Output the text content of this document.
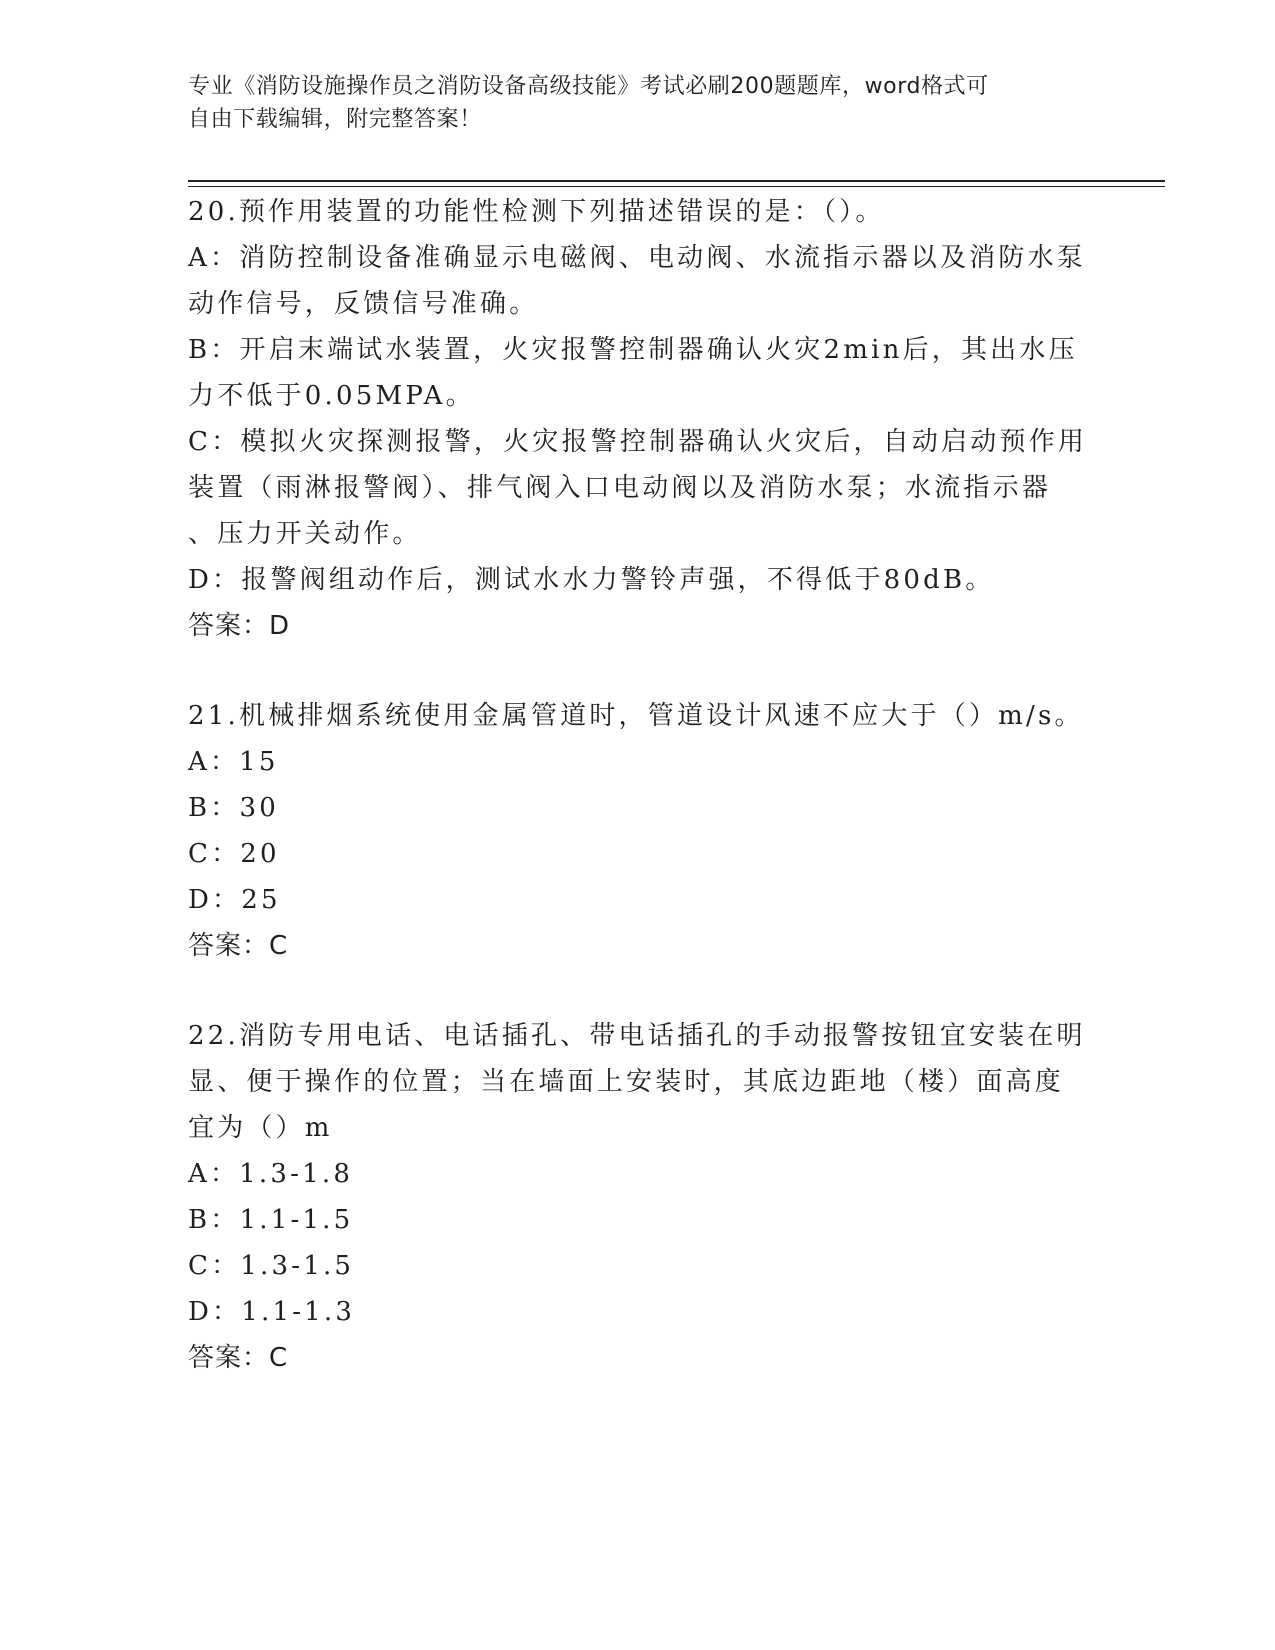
专业《消防设施操作员之消防设备高级技能》考试必刷200题题库，word格式可
自由下载编辑，附完整答案！
20.预作用装置的功能性检测下列描述错误的是：（）。
A：消防控制设备准确显示电磁阀、电动阀、水流指示器以及消防水泵
动作信号，反馈信号准确。
B：开启末端试水装置，火灾报警控制器确认火灾2min后，其出水压
力不低于0.05MPA。
C：模拟火灾探测报警，火灾报警控制器确认火灾后，自动启动预作用
装置（雨淋报警阀）、排气阀入口电动阀以及消防水泵；水流指示器
、压力开关动作。
D：报警阀组动作后，测试水水力警铃声强，不得低于80dB。
答案：D
21.机械排烟系统使用金属管道时，管道设计风速不应大于（）m/s。
A：15
B：30
C：20
D：25
答案：C
22.消防专用电话、电话插孔、带电话插孔的手动报警按钮宜安装在明
显、便于操作的位置；当在墙面上安装时，其底边距地（楼）面高度
宜为（）m
A：1.3-1.8
B：1.1-1.5
C：1.3-1.5
D：1.1-1.3
答案：C
